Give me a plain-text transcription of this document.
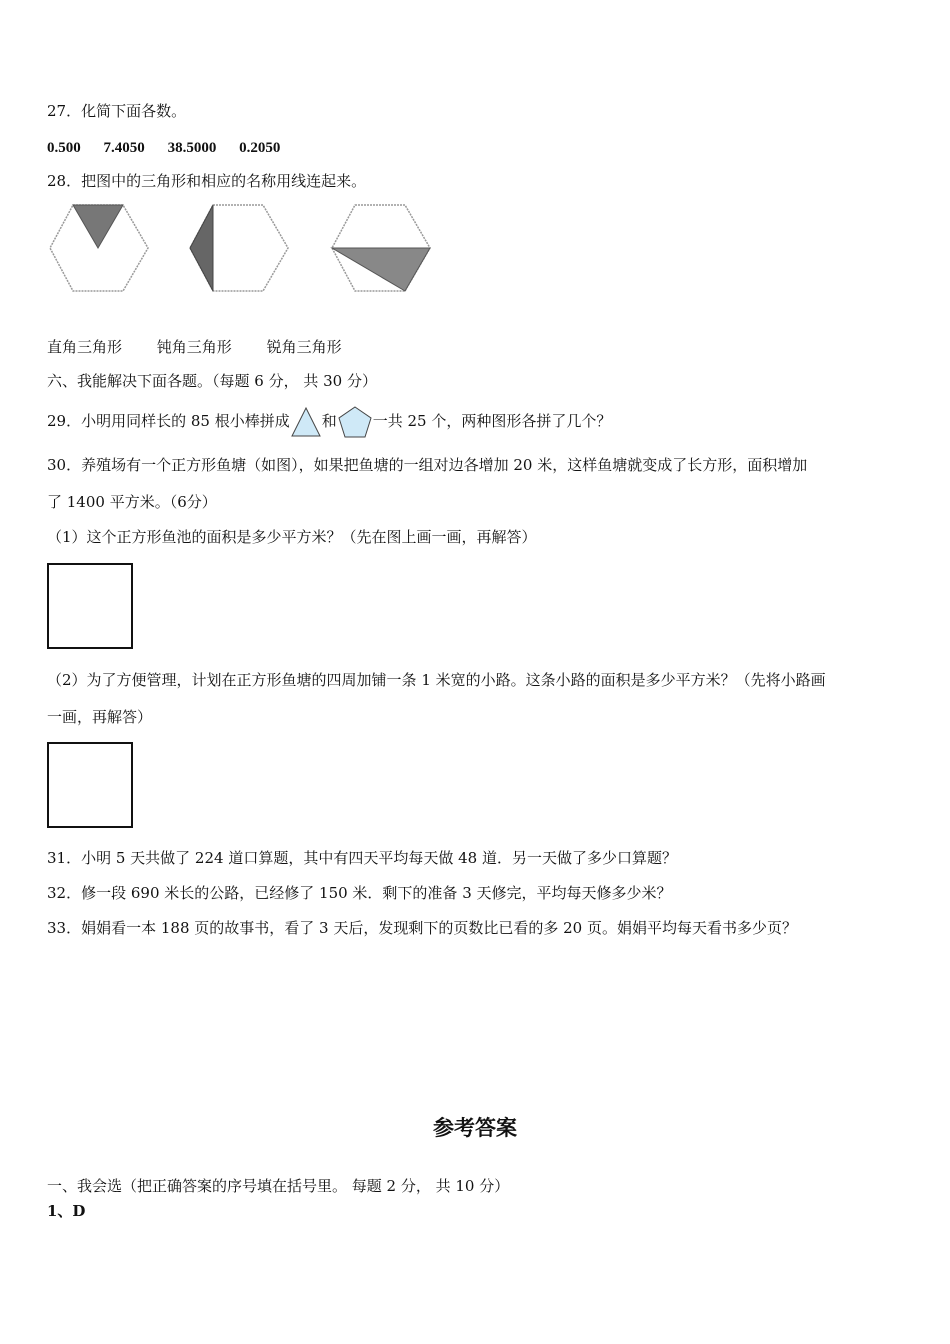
27．化简下面各数。
0.500 7.4050 38.5000 0.2050
28．把图中的三角形和相应的名称用线连起来。
直角三角形 钝角三角形 锐角三角形
六、我能解决下面各题。（每题 6 分， 共 30 分）
29．小明用同样长的 85 根小棒拼成 和 一共 25 个，两种图形各拼了几个？
30．养殖场有一个正方形鱼塘（如图），如果把鱼塘的一组对边各增加 20 米，这样鱼塘就变成了长方形，面积增加
了 1400 平方米。（6分）
（1）这个正方形鱼池的面积是多少平方米？（先在图上画一画，再解答）
（2）为了方便管理，计划在正方形鱼塘的四周加铺一条 1 米宽的小路。这条小路的面积是多少平方米？（先将小路画
一画，再解答）
31．小明 5 天共做了 224 道口算题，其中有四天平均每天做 48 道．另一天做了多少口算题？
32．修一段 690 米长的公路，已经修了 150 米．剩下的准备 3 天修完，平均每天修多少米？
33．娟娟看一本 188 页的故事书，看了 3 天后，发现剩下的页数比已看的多 20 页。娟娟平均每天看书多少页？
参考答案
一、我会选（把正确答案的序号填在括号里。 每题 2 分， 共 10 分）
1、D
